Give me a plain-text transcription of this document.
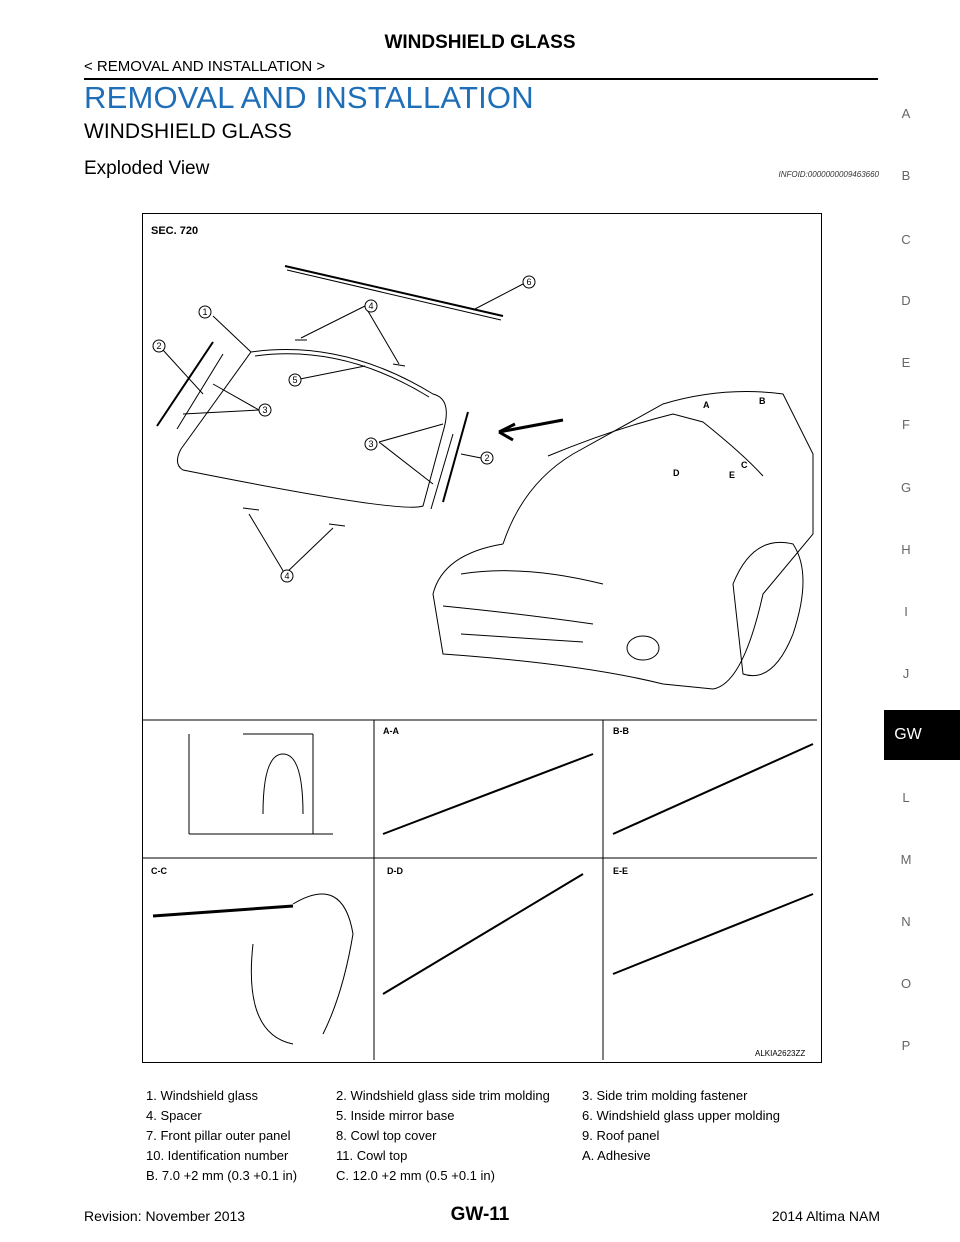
WINDSHIELD GLASS
< REMOVAL AND INSTALLATION >
REMOVAL AND INSTALLATION
WINDSHIELD GLASS
Exploded View	INFOID:0000000009463660
A
B
C
D
E
F
G
H
I
J
L
M
N
O
P
GW
1
2
3
3
4
5
6
4
2
A	B
C
D	E
SEC. 720
A-A	B-B
C-C	D-D	E-E
ALKIA2623ZZ
1. Windshield glass	2. Windshield glass side trim molding	3. Side trim molding fastener
4. Spacer	5. Inside mirror base	6. Windshield glass upper molding
7. Front pillar outer panel	8. Cowl top cover	9. Roof panel
10. Identification number	11. Cowl top	A. Adhesive
B. 7.0 +2 mm (0.3 +0.1 in)	C. 12.0 +2 mm (0.5 +0.1 in)	
Revision: November 2013	GW-11	2014 Altima NAM
